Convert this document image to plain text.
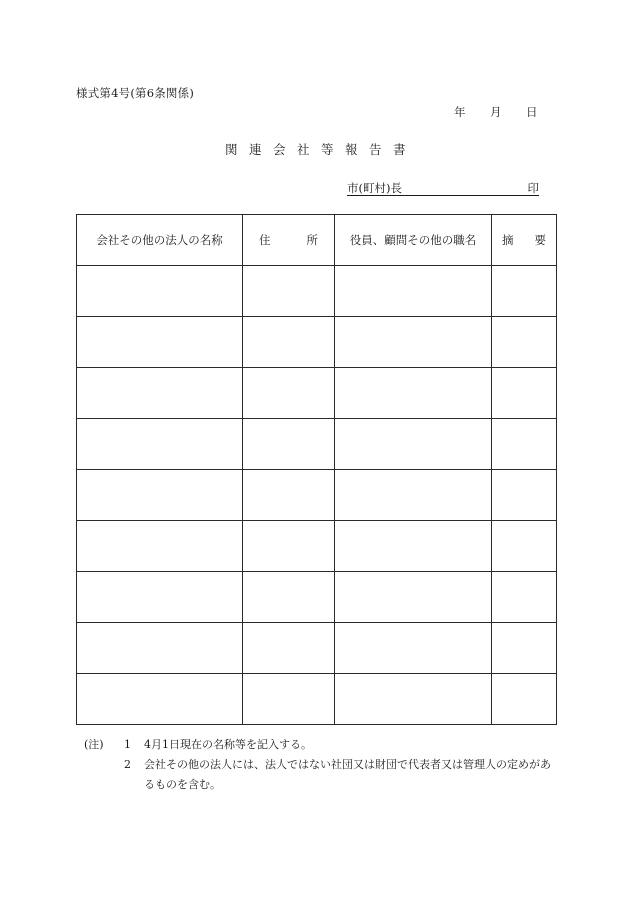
様式第4号(第6条関係)
年	月	日
関連会社等報告書
市(町村)長	印
会社その他の法人の名称	住 所	役員、顧問その他の職名	摘 要

(注) 1 4月1日現在の名称等を記入する。
2 会社その他の法人には、法人ではない社団又は財団で代表者又は管理人の定めがあるものを含む。
